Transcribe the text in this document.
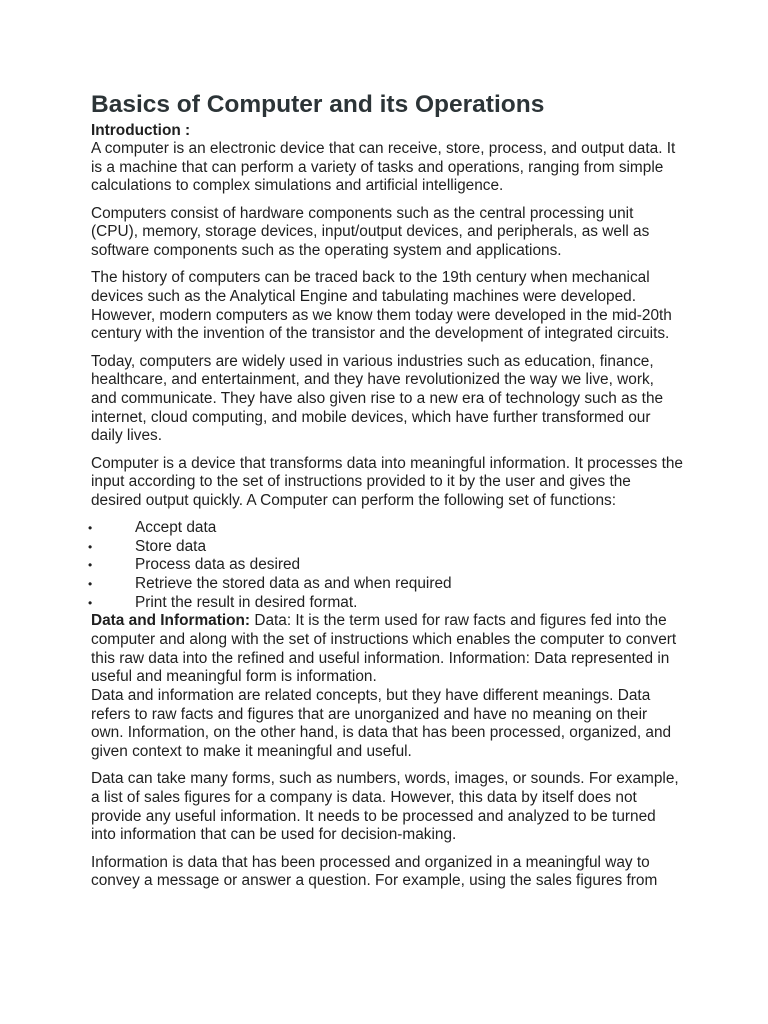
Basics of Computer and its Operations
Introduction :

A computer is an electronic device that can receive, store, process, and output data. It is a machine that can perform a variety of tasks and operations, ranging from simple calculations to complex simulations and artificial intelligence.

Computers consist of hardware components such as the central processing unit (CPU), memory, storage devices, input/output devices, and peripherals, as well as software components such as the operating system and applications.

The history of computers can be traced back to the 19th century when mechanical devices such as the Analytical Engine and tabulating machines were developed. However, modern computers as we know them today were developed in the mid-20th century with the invention of the transistor and the development of integrated circuits.

Today, computers are widely used in various industries such as education, finance, healthcare, and entertainment, and they have revolutionized the way we live, work, and communicate. They have also given rise to a new era of technology such as the internet, cloud computing, and mobile devices, which have further transformed our daily lives.

Computer is a device that transforms data into meaningful information. It processes the input according to the set of instructions provided to it by the user and gives the desired output quickly. A Computer can perform the following set of functions:

•	Accept data
•	Store data
•	Process data as desired
•	Retrieve the stored data as and when required
•	Print the result in desired format.

Data and Information: Data: It is the term used for raw facts and figures fed into the computer and along with the set of instructions which enables the computer to convert this raw data into the refined and useful information. Information: Data represented in useful and meaningful form is information.

Data and information are related concepts, but they have different meanings. Data refers to raw facts and figures that are unorganized and have no meaning on their own. Information, on the other hand, is data that has been processed, organized, and given context to make it meaningful and useful.

Data can take many forms, such as numbers, words, images, or sounds. For example, a list of sales figures for a company is data. However, this data by itself does not provide any useful information. It needs to be processed and analyzed to be turned into information that can be used for decision-making.

Information is data that has been processed and organized in a meaningful way to convey a message or answer a question. For example, using the sales figures from
